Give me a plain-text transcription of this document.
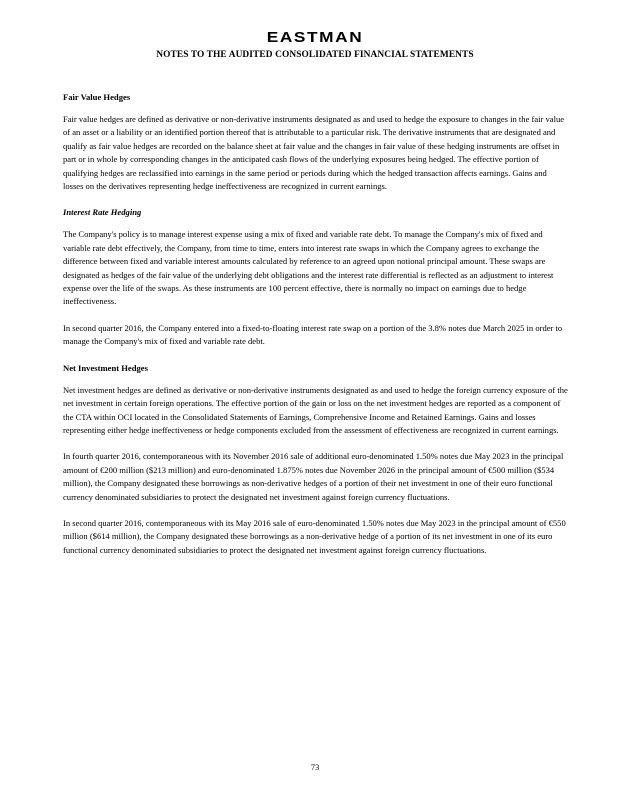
EASTMAN
NOTES TO THE AUDITED CONSOLIDATED FINANCIAL STATEMENTS
Fair Value Hedges

Fair value hedges are defined as derivative or non-derivative instruments designated as and used to hedge the exposure to changes in the fair value of an asset or a liability or an identified portion thereof that is attributable to a particular risk. The derivative instruments that are designated and qualify as fair value hedges are recorded on the balance sheet at fair value and the changes in fair value of these hedging instruments are offset in part or in whole by corresponding changes in the anticipated cash flows of the underlying exposures being hedged. The effective portion of qualifying hedges are reclassified into earnings in the same period or periods during which the hedged transaction affects earnings. Gains and losses on the derivatives representing hedge ineffectiveness are recognized in current earnings.

Interest Rate Hedging

The Company's policy is to manage interest expense using a mix of fixed and variable rate debt. To manage the Company's mix of fixed and variable rate debt effectively, the Company, from time to time, enters into interest rate swaps in which the Company agrees to exchange the difference between fixed and variable interest amounts calculated by reference to an agreed upon notional principal amount. These swaps are designated as hedges of the fair value of the underlying debt obligations and the interest rate differential is reflected as an adjustment to interest expense over the life of the swaps. As these instruments are 100 percent effective, there is normally no impact on earnings due to hedge ineffectiveness.

In second quarter 2016, the Company entered into a fixed-to-floating interest rate swap on a portion of the 3.8% notes due March 2025 in order to manage the Company's mix of fixed and variable rate debt.

Net Investment Hedges

Net investment hedges are defined as derivative or non-derivative instruments designated as and used to hedge the foreign currency exposure of the net investment in certain foreign operations. The effective portion of the gain or loss on the net investment hedges are reported as a component of the CTA within OCI located in the Consolidated Statements of Earnings, Comprehensive Income and Retained Earnings. Gains and losses representing either hedge ineffectiveness or hedge components excluded from the assessment of effectiveness are recognized in current earnings.

In fourth quarter 2016, contemporaneous with its November 2016 sale of additional euro-denominated 1.50% notes due May 2023 in the principal amount of €200 million ($213 million) and euro-denominated 1.875% notes due November 2026 in the principal amount of €500 million ($534 million), the Company designated these borrowings as non-derivative hedges of a portion of their net investment in one of their euro functional currency denominated subsidiaries to protect the designated net investment against foreign currency fluctuations.

In second quarter 2016, contemporaneous with its May 2016 sale of euro-denominated 1.50% notes due May 2023 in the principal amount of €550 million ($614 million), the Company designated these borrowings as a non-derivative hedge of a portion of its net investment in one of its euro functional currency denominated subsidiaries to protect the designated net investment against foreign currency fluctuations.

73
